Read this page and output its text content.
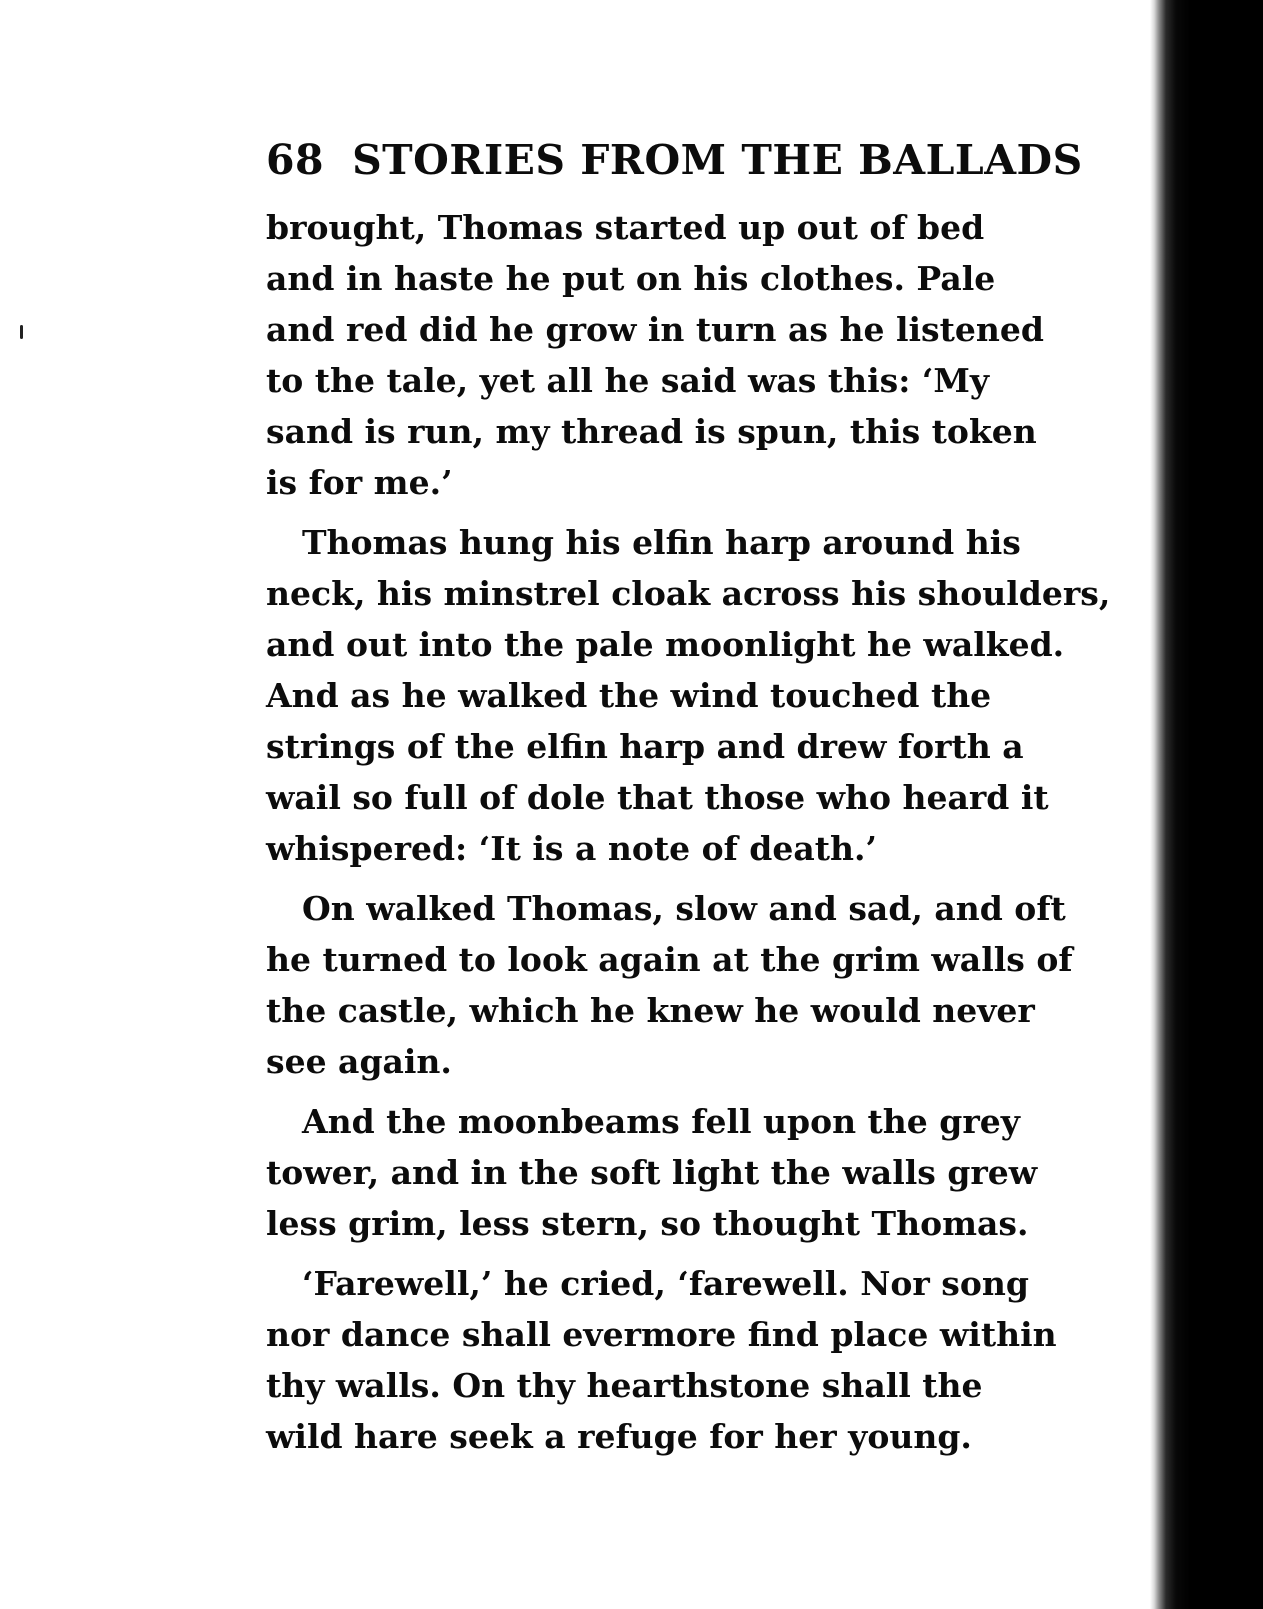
68 STORIES FROM THE BALLADS

brought, Thomas started up out of bed
and in haste he put on his clothes. Pale
and red did he grow in turn as he listened
to the tale, yet all he said was this: ‘My
sand is run, my thread is spun, this token
is for me.’

Thomas hung his elfin harp around his
neck, his minstrel cloak across his shoulders,
and out into the pale moonlight he walked.
And as he walked the wind touched the
strings of the elfin harp and drew forth a
wail so full of dole that those who heard it
whispered: ‘It is a note of death.’

On walked Thomas, slow and sad, and oft
he turned to look again at the grim walls of
the castle, which he knew he would never
see again.

And the moonbeams fell upon the grey
tower, and in the soft light the walls grew
less grim, less stern, so thought Thomas.

‘Farewell,’ he cried, ‘farewell. Nor song
nor dance shall evermore find place within
thy walls. On thy hearthstone shall the
wild hare seek a refuge for her young.
